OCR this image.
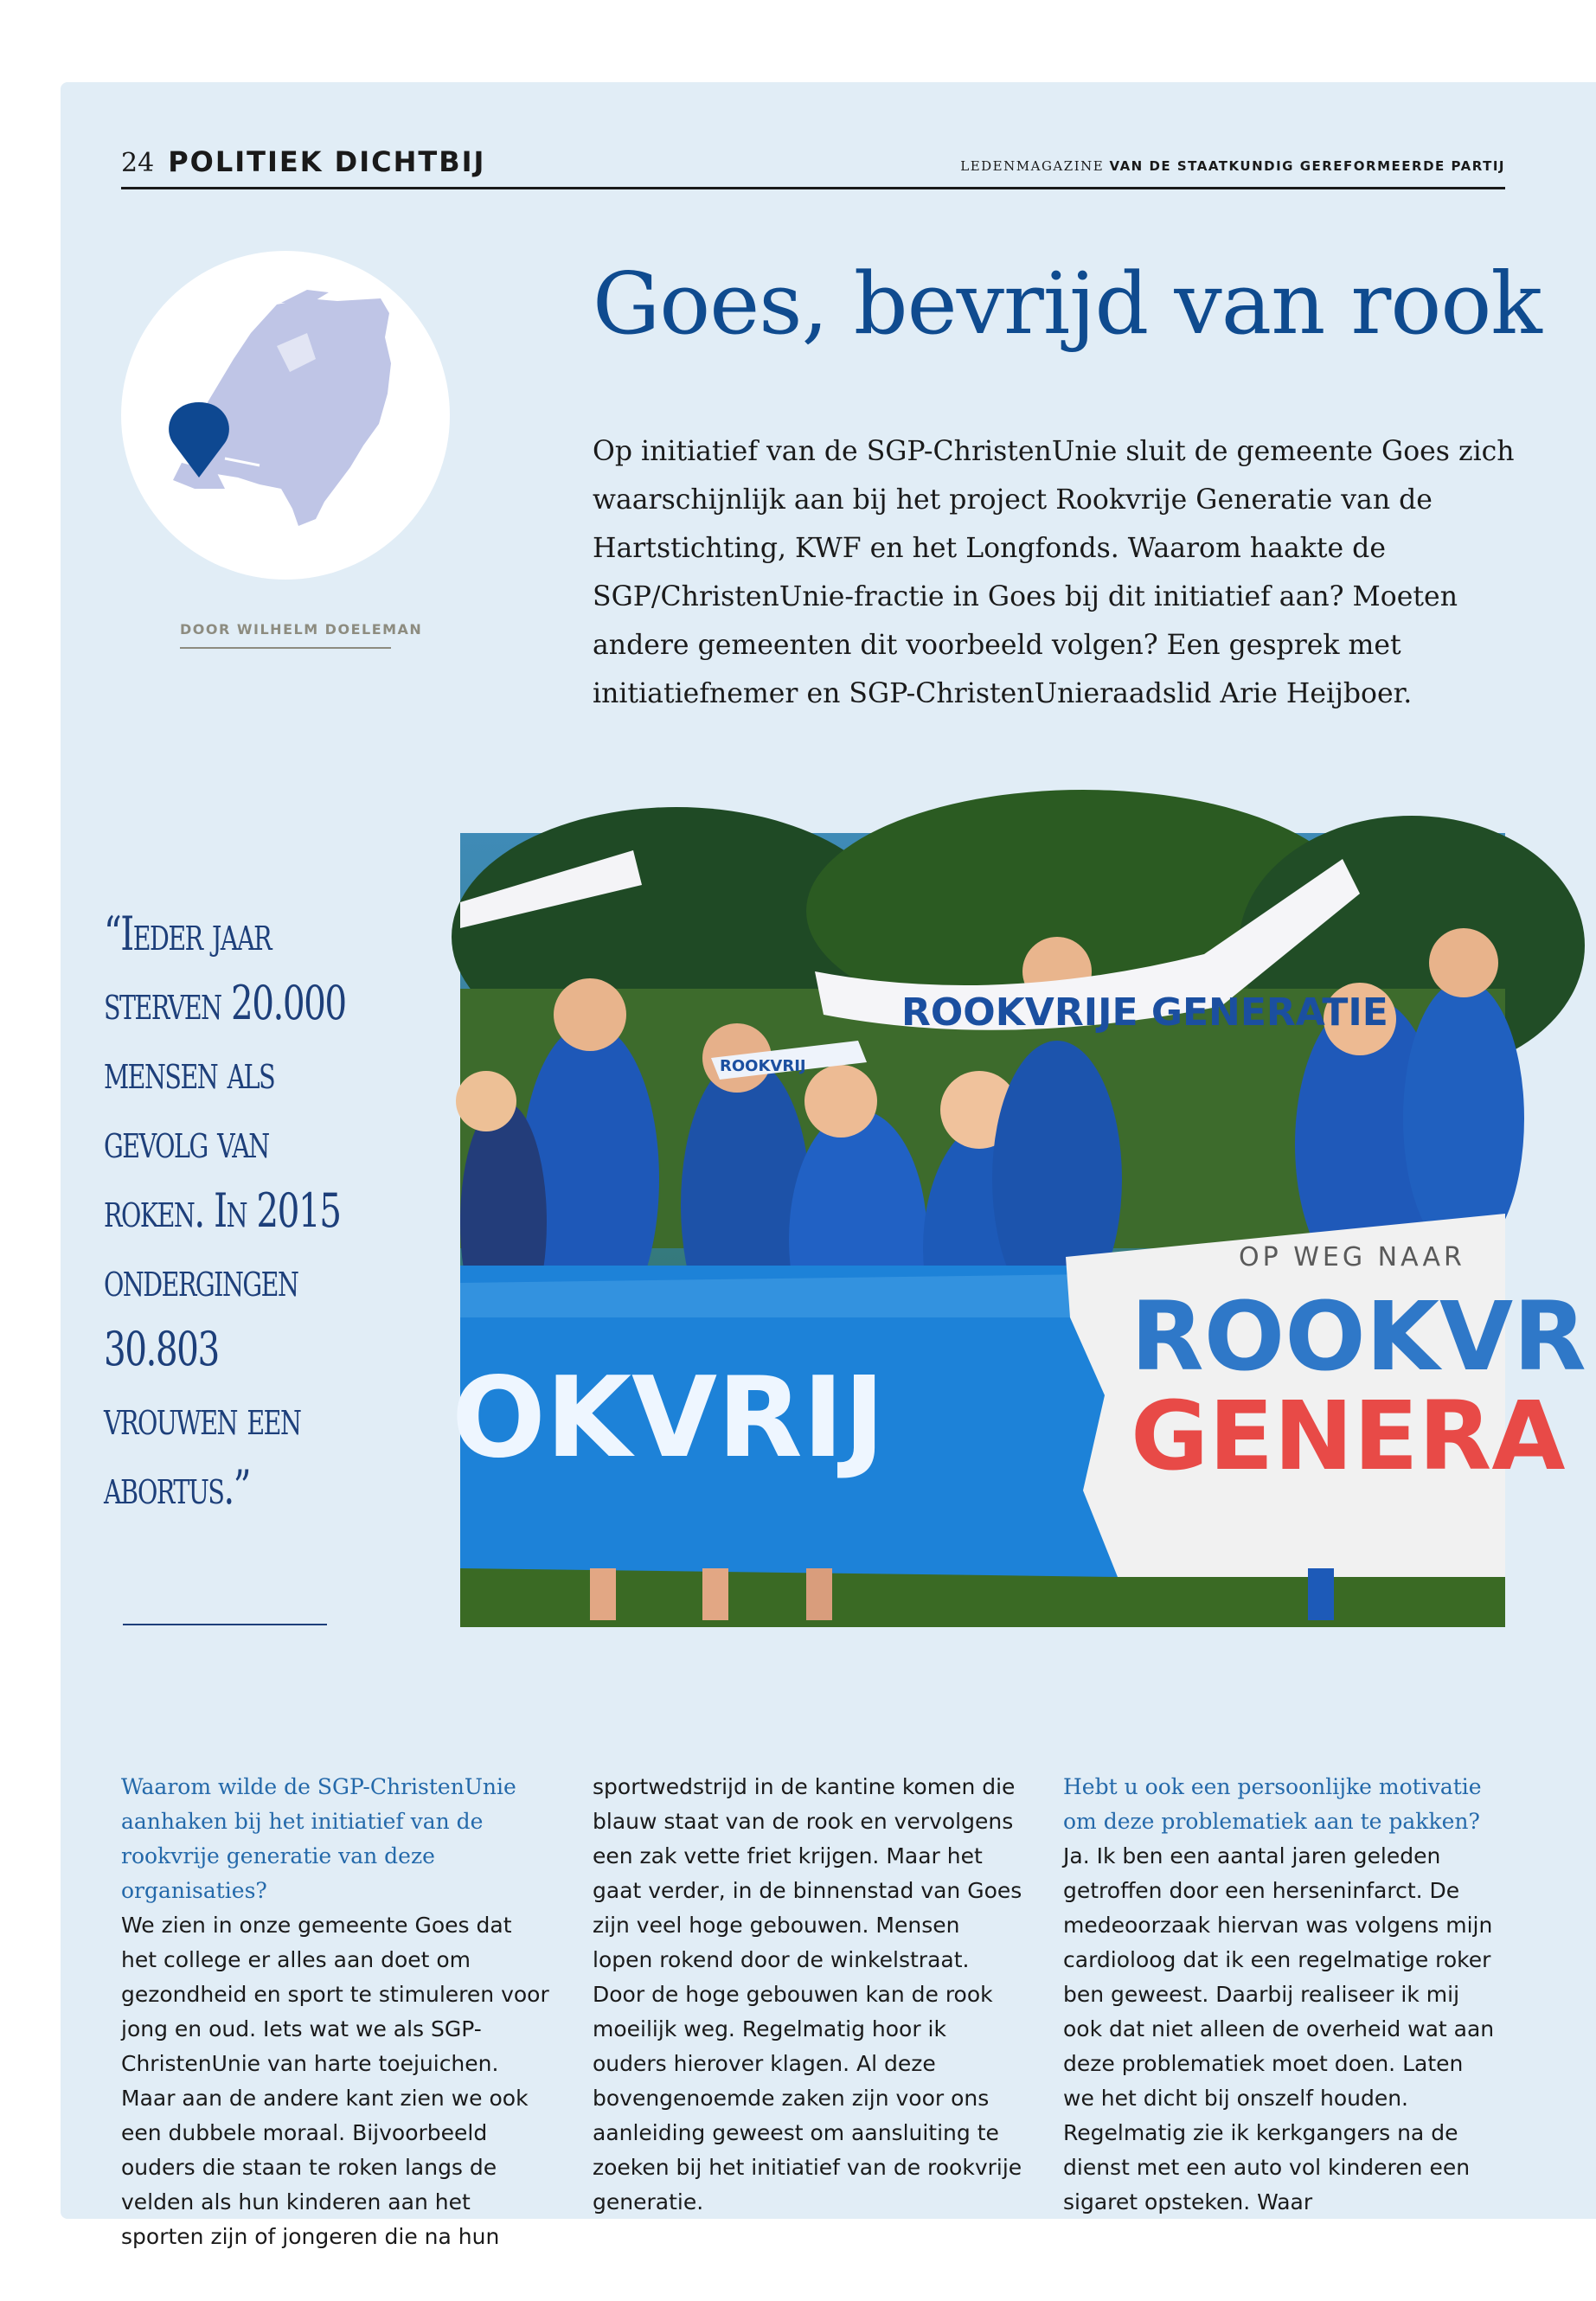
24 POLITIEK DICHTBIJ	LEDENMAGAZINE VAN DE STAATKUNDIG GEREFORMEERDE PARTIJ
DOOR WILHELM DOELEMAN
Goes, bevrijd van rook

Op initiatief van de SGP-ChristenUnie sluit de gemeente Goes zich waarschijnlijk aan bij het project Rookvrije Generatie van de Hartstichting, KWF en het Longfonds. Waarom haakte de SGP/ChristenUnie-fractie in Goes bij dit initiatief aan? Moeten andere gemeenten dit voorbeeld volgen? Een gesprek met initiatiefnemer en SGP-ChristenUnieraadslid Arie Heijboer.

“Ieder jaar sterven 20.000 mensen als gevolg van roken. In 2015 ondergingen 30.803 vrouwen een abortus.”

ROOKVRIJE GENERATIE
ROOKVRIJ
OKVRIJ
OP WEG NAAR
ROOKVR
GENERA
Waarom wilde de SGP-ChristenUnie aanhaken bij het initiatief van de rookvrije generatie van deze organisaties?

We zien in onze gemeente Goes dat het college er alles aan doet om gezondheid en sport te stimuleren voor jong en oud. Iets wat we als SGP-ChristenUnie van harte toejuichen. Maar aan de andere kant zien we ook een dubbele moraal. Bijvoorbeeld ouders die staan te roken langs de velden als hun kinderen aan het sporten zijn of jongeren die na hun

sportwedstrijd in de kantine komen die blauw staat van de rook en vervolgens een zak vette friet krijgen. Maar het gaat verder, in de binnenstad van Goes zijn veel hoge gebouwen. Mensen lopen rokend door de winkelstraat. Door de hoge gebouwen kan de rook moeilijk weg. Regelmatig hoor ik ouders hierover klagen. Al deze bovengenoemde zaken zijn voor ons aanleiding geweest om aansluiting te zoeken bij het initiatief van de rookvrije generatie.

Hebt u ook een persoonlijke motivatie om deze problematiek aan te pakken?

Ja. Ik ben een aantal jaren geleden getroffen door een herseninfarct. De medeoorzaak hiervan was volgens mijn cardioloog dat ik een regelmatige roker ben geweest. Daarbij realiseer ik mij ook dat niet alleen de overheid wat aan deze problematiek moet doen. Laten we het dicht bij onszelf houden. Regelmatig zie ik kerkgangers na de dienst met een auto vol kinderen een sigaret opsteken. Waar
